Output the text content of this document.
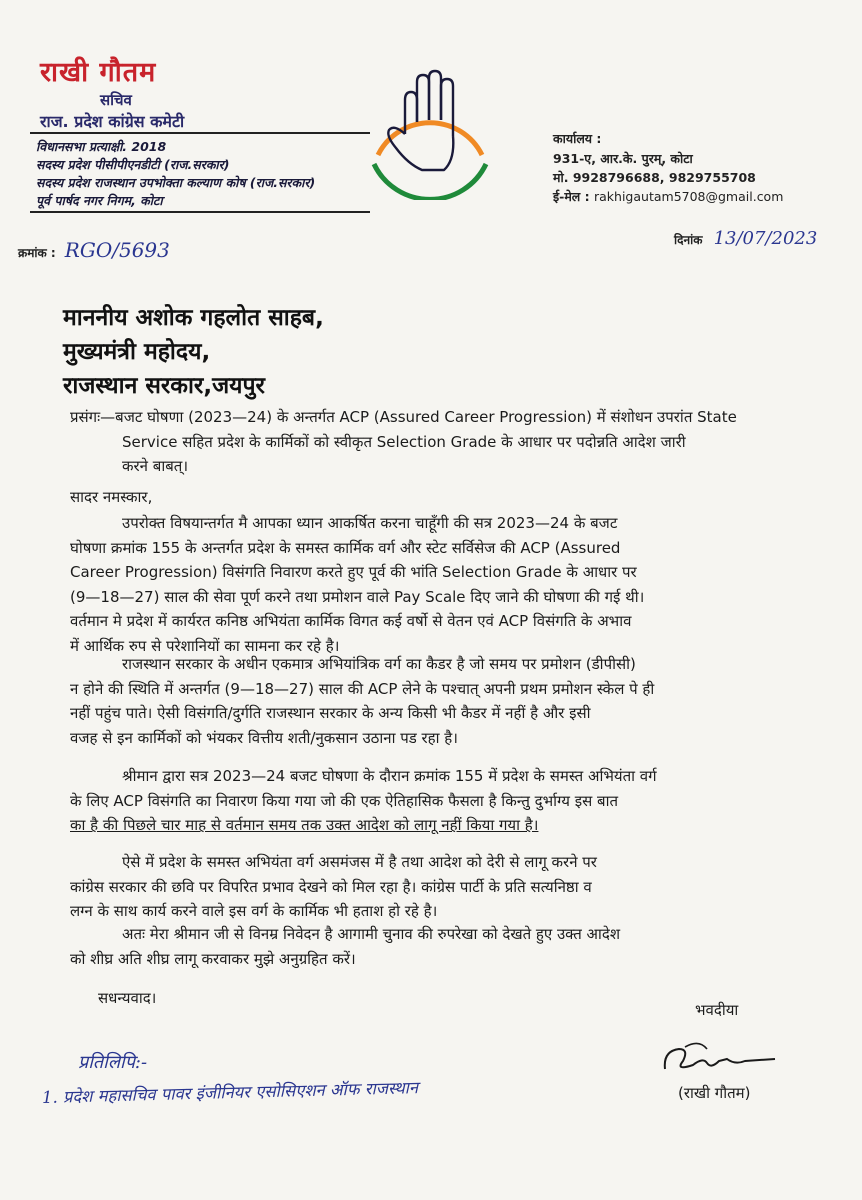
राखी गौतम
सचिव
राज. प्रदेश कांग्रेस कमेटी
विधानसभा प्रत्याक्षी. 2018
सदस्य प्रदेश पीसीपीएनडीटी (राज.सरकार)
सदस्य प्रदेश राजस्थान उपभोक्ता कल्याण कोष (राज.सरकार)
पूर्व पार्षद नगर निगम, कोटा
कार्यालय :
931-ए, आर.के. पुरम्, कोटा
मो. 9928796688, 9829755708
ई-मेल : rakhigautam5708@gmail.com
क्रमांक : RGO/5693	दिनांक 13/07/2023
माननीय अशोक गहलोत साहब,
मुख्यमंत्री महोदय,
राजस्थान सरकार,जयपुर
प्रसंगः—बजट घोषणा (2023—24) के अन्तर्गत ACP (Assured Career Progression) में संशोधन उपरांत State
Service सहित प्रदेश के कार्मिकों को स्वीकृत Selection Grade के आधार पर पदोन्नति आदेश जारी
करने बाबत्।
सादर नमस्कार,
उपरोक्त विषयान्तर्गत मै आपका ध्यान आकर्षित करना चाहूँगी की सत्र 2023—24 के बजट
घोषणा क्रमांक 155 के अन्तर्गत प्रदेश के समस्त कार्मिक वर्ग और स्टेट सर्विसेज की ACP (Assured
Career Progression) विसंगति निवारण करते हुए पूर्व की भांति Selection Grade के आधार पर
(9—18—27) साल की सेवा पूर्ण करने तथा प्रमोशन वाले Pay Scale दिए जाने की घोषणा की गई थी।
वर्तमान मे प्रदेश में कार्यरत कनिष्ठ अभियंता कार्मिक विगत कई वर्षो से वेतन एवं ACP विसंगति के अभाव
में आर्थिक रुप से परेशानियों का सामना कर रहे है।
राजस्थान सरकार के अधीन एकमात्र अभियांत्रिक वर्ग का कैडर है जो समय पर प्रमोशन (डीपीसी)
न होने की स्थिति में अन्तर्गत (9—18—27) साल की ACP लेने के पश्चात् अपनी प्रथम प्रमोशन स्केल पे ही
नहीं पहुंच पाते। ऐसी विसंगति/दुर्गति राजस्थान सरकार के अन्य किसी भी कैडर में नहीं है और इसी
वजह से इन कार्मिकों को भंयकर वित्तीय शती/नुकसान उठाना पड रहा है।
श्रीमान द्वारा सत्र 2023—24 बजट घोषणा के दौरान क्रमांक 155 में प्रदेश के समस्त अभियंता वर्ग
के लिए ACP विसंगति का निवारण किया गया जो की एक ऐतिहासिक फैसला है किन्तु दुर्भाग्य इस बात
का है की पिछले चार माह से वर्तमान समय तक उक्त आदेश को लागू नहीं किया गया है।
ऐसे में प्रदेश के समस्त अभियंता वर्ग असमंजस में है तथा आदेश को देरी से लागू करने पर
कांग्रेस सरकार की छवि पर विपरित प्रभाव देखने को मिल रहा है। कांग्रेस पार्टी के प्रति सत्यनिष्ठा व
लग्न के साथ कार्य करने वाले इस वर्ग के कार्मिक भी हताश हो रहे है।
अतः मेरा श्रीमान जी से विनम्र निवेदन है आगामी चुनाव की रुपरेखा को देखते हुए उक्त आदेश
को शीघ्र अति शीघ्र लागू करवाकर मुझे अनुग्रहित करें।
सधन्यवाद।
भवदीया
(राखी गौतम)
प्रतिलिपि:-
1. प्रदेश महासचिव पावर इंजीनियर एसोसिएशन ऑफ राजस्थान
